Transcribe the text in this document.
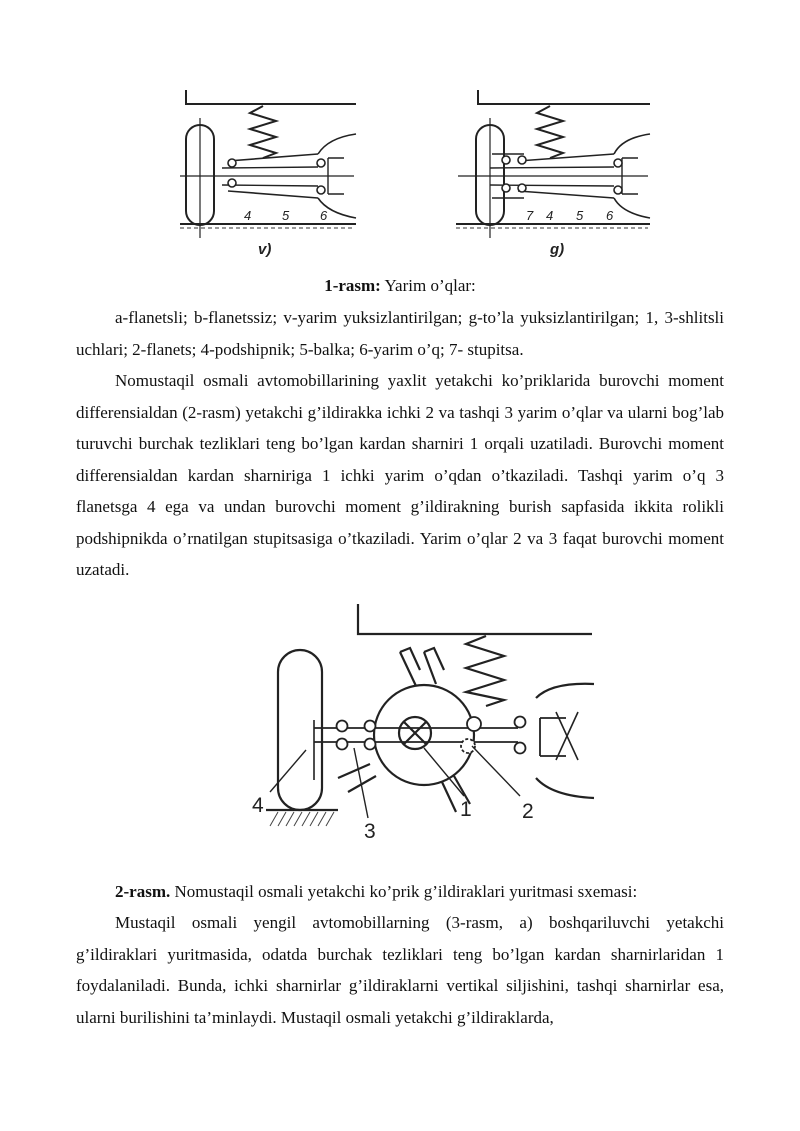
4 5 6
v)
7 4 5 6
g)

1-rasm: Yarim o’qlar:

a-flanetsli; b-flanetssiz; v-yarim yuksizlantirilgan; g-to’la yuksizlantirilgan; 1, 3-shlitsli uchlari; 2-flanets; 4-podshipnik; 5-balka; 6-yarim o’q; 7- stupitsa.

Nomustaqil osmali avtomobillarining yaxlit yetakchi ko’priklarida burovchi moment differensialdan (2-rasm) yetakchi g’ildirakka ichki 2 va tashqi 3 yarim o’qlar va ularni bog’lab turuvchi burchak tezliklari teng bo’lgan kardan sharniri 1 orqali uzatiladi. Burovchi moment differensialdan kardan sharniriga 1 ichki yarim o’qdan o’tkaziladi. Tashqi yarim o’q 3 flanetsga 4 ega va undan burovchi moment g’ildirakning burish sapfasida ikkita rolikli podshipnikda o’rnatilgan stupitsasiga o’tkaziladi. Yarim o’qlar 2 va 3 faqat burovchi moment uzatadi.

4
3
1 2

2-rasm. Nomustaqil osmali yetakchi ko’prik g’ildiraklari yuritmasi sxemasi:

Mustaqil osmali yengil avtomobillarning (3-rasm, a) boshqariluvchi yetakchi g’ildiraklari yuritmasida, odatda burchak tezliklari teng bo’lgan kardan sharnirlaridan 1 foydalaniladi. Bunda, ichki sharnirlar g’ildiraklarni vertikal siljishini, tashqi sharnirlar esa, ularni burilishini ta’minlaydi. Mustaqil osmali yetakchi g’ildiraklarda,
